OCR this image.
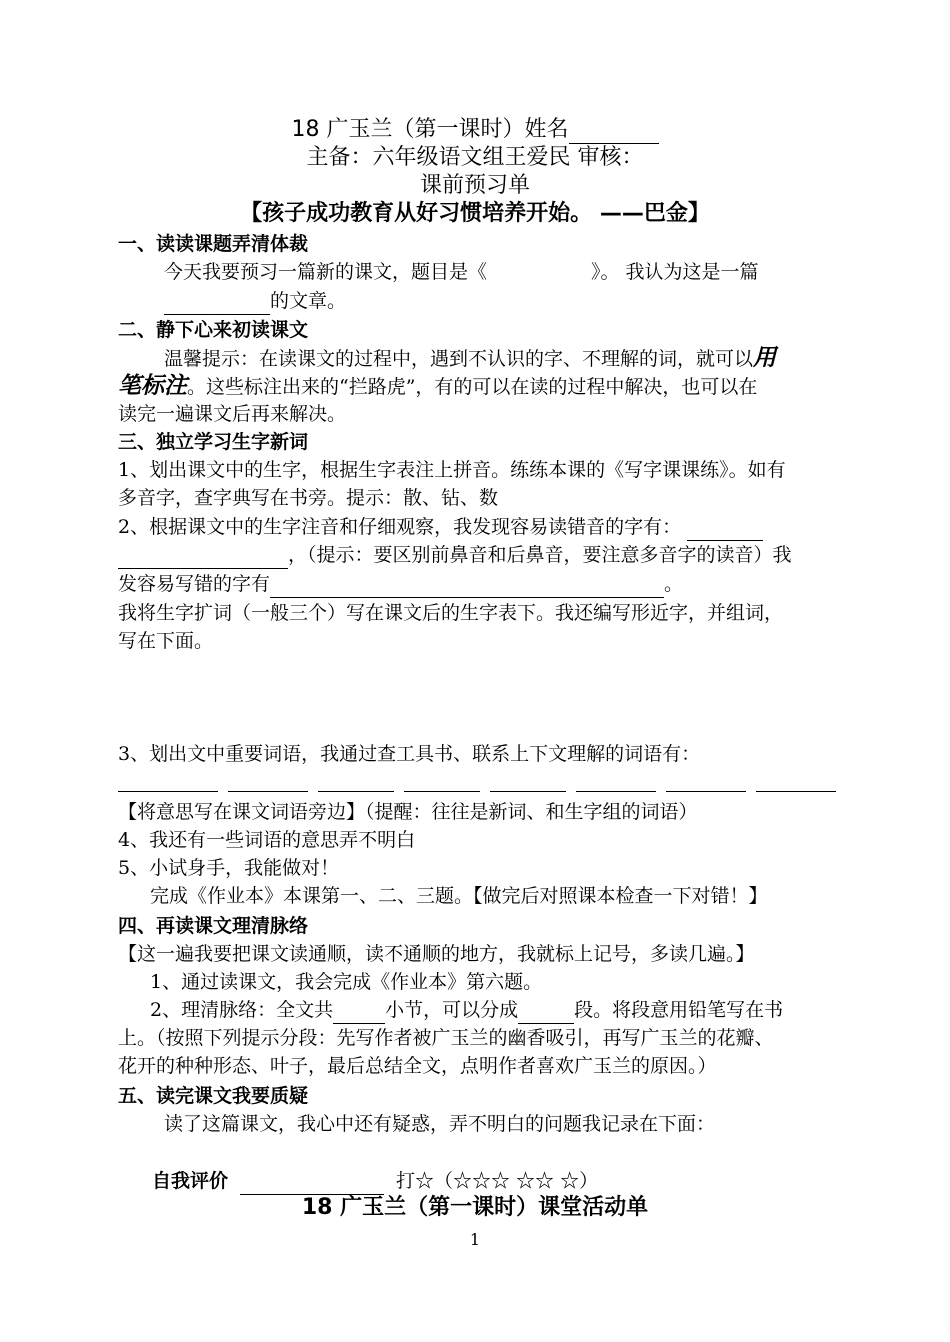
18 广玉兰（第一课时）姓名
主备：六年级语文组王爱民 审核：
课前预习单
【孩子成功教育从好习惯培养开始。 ——巴金】
一、读读课题弄清体裁
今天我要预习一篇新的课文，题目是《	》。 我认为这是一篇
的文章。
二、静下心来初读课文
温馨提示：在读课文的过程中，遇到不认识的字、不理解的词，就可以用
笔标注。这些标注出来的“拦路虎”，有的可以在读的过程中解决，也可以在
读完一遍课文后再来解决。
三、独立学习生字新词
1、划出课文中的生字，根据生字表注上拼音。练练本课的《写字课课练》。如有
多音字，查字典写在书旁。提示：散、钻、数
2、根据课文中的生字注音和仔细观察，我发现容易读错音的字有：
，（提示：要区别前鼻音和后鼻音，要注意多音字的读音）我
发容易写错的字有	。
我将生字扩词（一般三个）写在课文后的生字表下。我还编写形近字，并组词，
写在下面。
3、划出文中重要词语，我通过查工具书、联系上下文理解的词语有：
【将意思写在课文词语旁边】（提醒：往往是新词、和生字组的词语）
4、我还有一些词语的意思弄不明白
5、小试身手，我能做对！
完成《作业本》本课第一、二、三题。【做完后对照课本检查一下对错！】
四、再读课文理清脉络
【这一遍我要把课文读通顺，读不通顺的地方，我就标上记号，多读几遍。】
1、通过读课文，我会完成《作业本》第六题。
2、理清脉络：全文共	小节，可以分成	段。将段意用铅笔写在书
上。（按照下列提示分段：先写作者被广玉兰的幽香吸引，再写广玉兰的花瓣、
花开的种种形态、叶子，最后总结全文，点明作者喜欢广玉兰的原因。）
五、读完课文我要质疑
读了这篇课文，我心中还有疑惑，弄不明白的问题我记录在下面：
自我评价	打☆（☆☆☆ ☆☆ ☆）
18 广玉兰（第一课时）课堂活动单
1
